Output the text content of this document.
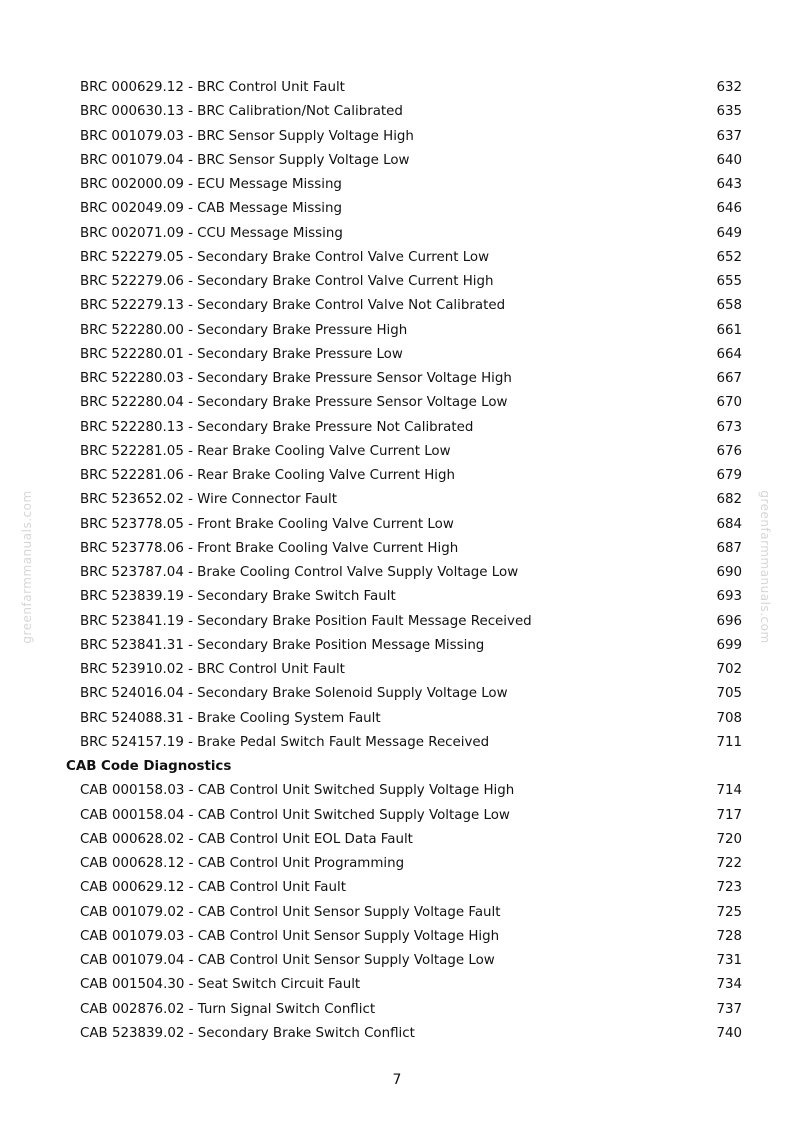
BRC 000629.12 - BRC Control Unit Fault	632
BRC 000630.13 - BRC Calibration/Not Calibrated	635
BRC 001079.03 - BRC Sensor Supply Voltage High	637
BRC 001079.04 - BRC Sensor Supply Voltage Low	640
BRC 002000.09 - ECU Message Missing	643
BRC 002049.09 - CAB Message Missing	646
BRC 002071.09 - CCU Message Missing	649
BRC 522279.05 - Secondary Brake Control Valve Current Low	652
BRC 522279.06 - Secondary Brake Control Valve Current High	655
BRC 522279.13 - Secondary Brake Control Valve Not Calibrated	658
BRC 522280.00 - Secondary Brake Pressure High	661
BRC 522280.01 - Secondary Brake Pressure Low	664
BRC 522280.03 - Secondary Brake Pressure Sensor Voltage High	667
BRC 522280.04 - Secondary Brake Pressure Sensor Voltage Low	670
BRC 522280.13 - Secondary Brake Pressure Not Calibrated	673
BRC 522281.05 - Rear Brake Cooling Valve Current Low	676
BRC 522281.06 - Rear Brake Cooling Valve Current High	679
BRC 523652.02 - Wire Connector Fault	682
BRC 523778.05 - Front Brake Cooling Valve Current Low	684
BRC 523778.06 - Front Brake Cooling Valve Current High	687
BRC 523787.04 - Brake Cooling Control Valve Supply Voltage Low	690
BRC 523839.19 - Secondary Brake Switch Fault	693
BRC 523841.19 - Secondary Brake Position Fault Message Received	696
BRC 523841.31 - Secondary Brake Position Message Missing	699
BRC 523910.02 - BRC Control Unit Fault	702
BRC 524016.04 - Secondary Brake Solenoid Supply Voltage Low	705
BRC 524088.31 - Brake Cooling System Fault	708
BRC 524157.19 - Brake Pedal Switch Fault Message Received	711
CAB Code Diagnostics
CAB 000158.03 - CAB Control Unit Switched Supply Voltage High	714
CAB 000158.04 - CAB Control Unit Switched Supply Voltage Low	717
CAB 000628.02 - CAB Control Unit EOL Data Fault	720
CAB 000628.12 - CAB Control Unit Programming	722
CAB 000629.12 - CAB Control Unit Fault	723
CAB 001079.02 - CAB Control Unit Sensor Supply Voltage Fault	725
CAB 001079.03 - CAB Control Unit Sensor Supply Voltage High	728
CAB 001079.04 - CAB Control Unit Sensor Supply Voltage Low	731
CAB 001504.30 - Seat Switch Circuit Fault	734
CAB 002876.02 - Turn Signal Switch Conflict	737
CAB 523839.02 - Secondary Brake Switch Conflict	740
7
greenfarmmanuals.com	greenfarmmanuals.com
